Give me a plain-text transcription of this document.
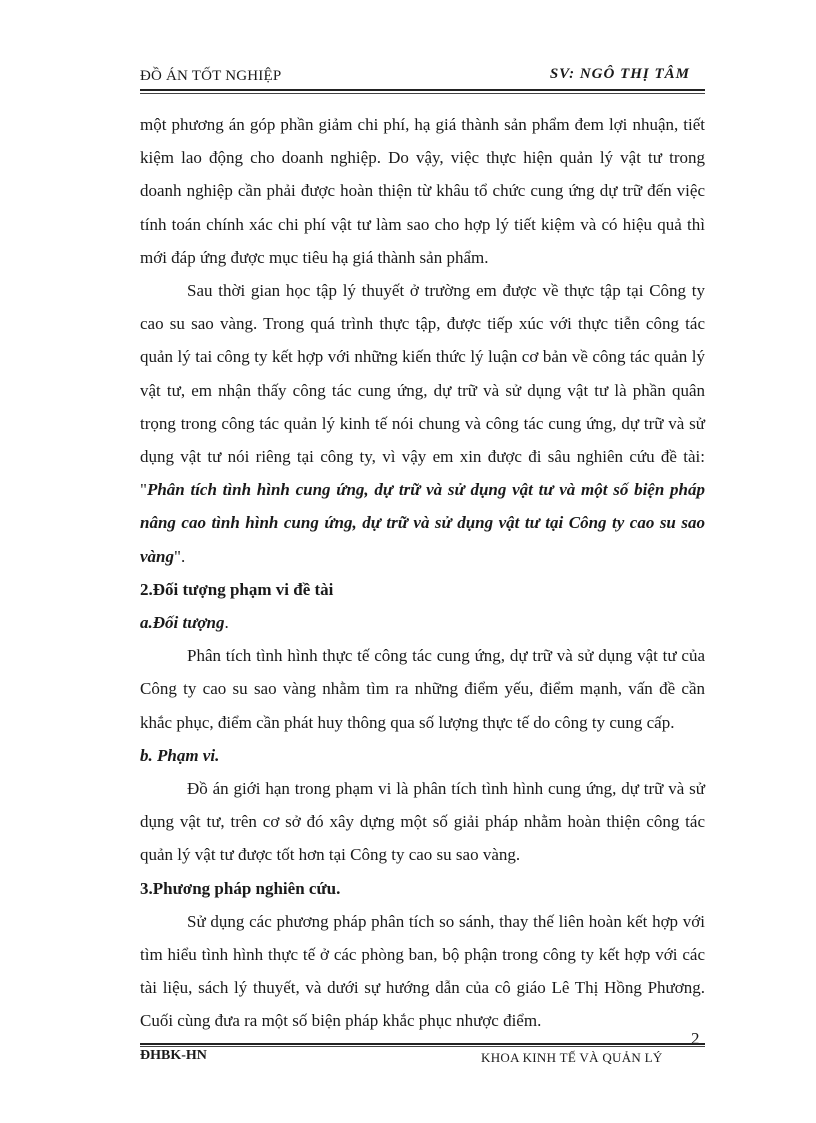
ĐỒ ÁN TỐT NGHIỆP	SV: NGÔ THỊ TÂM

một phương án góp phần giảm chi phí, hạ giá thành sản phẩm đem lợi nhuận, tiết kiệm lao động cho doanh nghiệp. Do vậy, việc thực hiện quản lý vật tư trong doanh nghiệp cần phải được hoàn thiện từ khâu tổ chức cung ứng dự trữ đến việc tính toán chính xác chi phí vật tư làm sao cho hợp lý tiết kiệm và có hiệu quả thì mới đáp ứng được mục tiêu hạ giá thành sản phẩm.

Sau thời gian học tập lý thuyết ở trường em được về thực tập tại Công ty cao su sao vàng. Trong quá trình thực tập, được tiếp xúc với thực tiễn công tác quản lý tai công ty kết hợp với những kiến thức lý luận cơ bản về công tác quản lý vật tư, em nhận thấy công tác cung ứng, dự trữ và sử dụng vật tư là phần quân trọng trong công tác quản lý kinh tế nói chung và công tác cung ứng, dự trữ và sử dụng vật tư nói riêng tại công ty, vì vậy em xin được đi sâu nghiên cứu đề tài: "Phân tích tình hình cung ứng, dự trữ và sử dụng vật tư và một số biện pháp nâng cao tình hình cung ứng, dự trữ và sử dụng vật tư tại Công ty cao su sao vàng".

2.Đối tượng phạm vi đề tài

a.Đối tượng.

Phân tích tình hình thực tế công tác cung ứng, dự trữ và sử dụng vật tư của Công ty cao su sao vàng nhằm tìm ra những điểm yếu, điểm mạnh, vấn đề cần khắc phục, điểm cần phát huy thông qua số lượng thực tế do công ty cung cấp.

b. Phạm vi.

Đồ án giới hạn trong phạm vi là phân tích tình hình cung ứng, dự trữ và sử dụng vật tư, trên cơ sở đó xây dựng một số giải pháp nhằm hoàn thiện công tác quản lý vật tư được tốt hơn tại Công ty cao su sao vàng.

3.Phương pháp nghiên cứu.

Sử dụng các phương pháp phân tích so sánh, thay thế liên hoàn kết hợp với tìm hiểu tình hình thực tế ở các phòng ban, bộ phận trong công ty kết hợp với các tài liệu, sách lý thuyết, và dưới sự hướng dẫn của cô giáo Lê Thị Hồng Phương. Cuối cùng đưa ra một số biện pháp khắc phục nhược điểm.

2
ĐHBK-HN	KHOA KINH TẾ VÀ QUẢN LÝ
